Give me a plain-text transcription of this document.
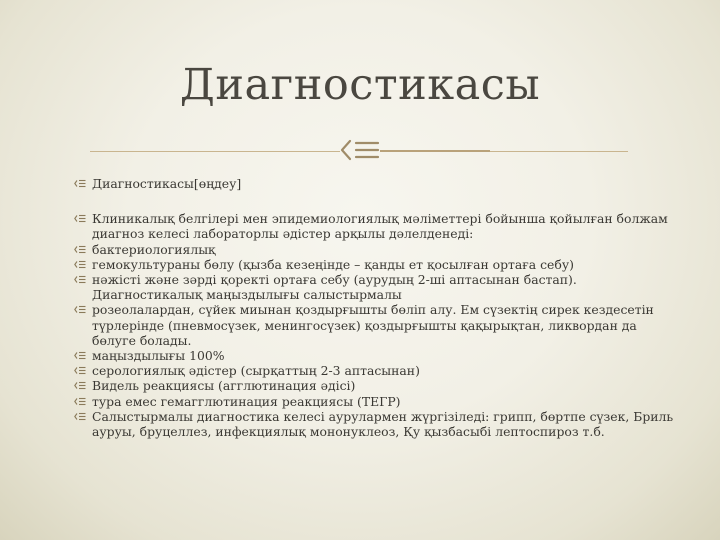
Диагностикасы
Диагностикасы[өңдеу]
Клиникалық белгілері мен эпидемиологиялық мәліметтері бойынша қойылған болжам диагноз келесі лабораторлы әдістер арқылы дәлелденеді:
бактериологиялық
гемокультураны бөлу (қызба кезеңінде – қанды ет қосылған ортаға себу)
нәжісті және зәрді қоректі ортаға себу (аурудың 2-ші аптасынан бастап). Диагностикалық маңыздылығы салыстырмалы
розеолалардан, сүйек миынан қоздырғышты бөліп алу. Ем сүзектің сирек кездесетін түрлерінде (пневмосүзек, менингосүзек) қоздырғышты қақырықтан, ликвордан да бөлуге болады.
маңыздылығы 100%
серологиялық әдістер (сырқаттың 2-3 аптасынан)
Видель реакциясы (агглютинация әдісі)
тура емес гемагглютинация реакциясы (ТЕГР)
Салыстырмалы диагностика келесі аурулармен жүргізіледі: грипп, бөртпе сүзек, Бриль ауруы, бруцеллез, инфекциялық мононуклеоз, Қу қызбасыбі лептоспироз т.б.
